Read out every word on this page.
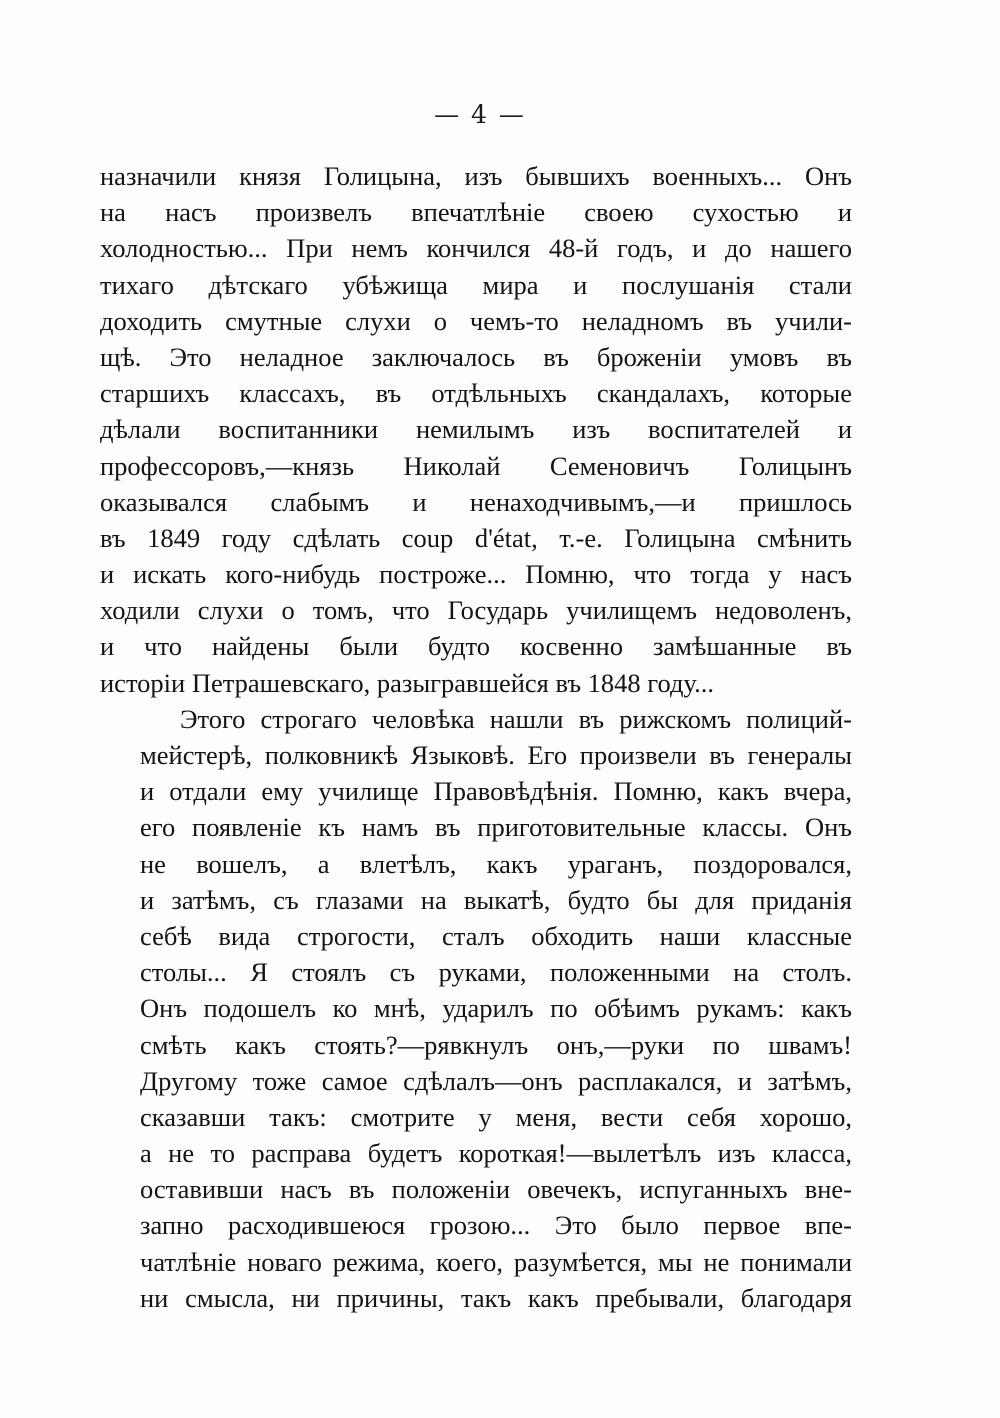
— 4 —
назначили князя Голицына, изъ бывшихъ военныхъ... Онъ
на насъ произвелъ впечатлѣніе своею сухостью и
холодностью... При немъ кончился 48-й годъ, и до нашего
тихаго дѣтскаго убѣжища мира и послушанія стали
доходить смутные слухи о чемъ-то неладномъ въ учили-
щѣ. Это неладное заключалось въ броженіи умовъ въ
старшихъ классахъ, въ отдѣльныхъ скандалахъ, которые
дѣлали воспитанники немилымъ изъ воспитателей и
профессоровъ,—князь Николай Семеновичъ Голицынъ
оказывался слабымъ и ненаходчивымъ,—и пришлось
въ 1849 году сдѣлать coup d'état, т.-е. Голицына смѣнить
и искать кого-нибудь построже... Помню, что тогда у насъ
ходили слухи о томъ, что Государь училищемъ недоволенъ,
и что найдены были будто косвенно замѣшанные въ
исторіи Петрашевскаго, разыгравшейся въ 1848 году...
Этого строгаго человѣка нашли въ рижскомъ полиций-
мейстерѣ, полковникѣ Языковѣ. Его произвели въ генералы
и отдали ему училище Правовѣдѣнія. Помню, какъ вчера,
его появленіе къ намъ въ приготовительные классы. Онъ
не вошелъ, а влетѣлъ, какъ ураганъ, поздоровался,
и затѣмъ, съ глазами на выкатѣ, будто бы для приданія
себѣ вида строгости, сталъ обходить наши классные
столы... Я стоялъ съ руками, положенными на столъ.
Онъ подошелъ ко мнѣ, ударилъ по обѣимъ рукамъ: какъ
смѣть какъ стоять?—рявкнулъ онъ,—руки по швамъ!
Другому тоже самое сдѣлалъ—онъ расплакался, и затѣмъ,
сказавши такъ: смотрите у меня, вести себя хорошо,
а не то расправа будетъ короткая!—вылетѣлъ изъ класса,
оставивши насъ въ положеніи овечекъ, испуганныхъ вне-
запно расходившеюся грозою... Это было первое впе-
чатлѣніе новаго режима, коего, разумѣется, мы не понимали
ни смысла, ни причины, такъ какъ пребывали, благодаря
